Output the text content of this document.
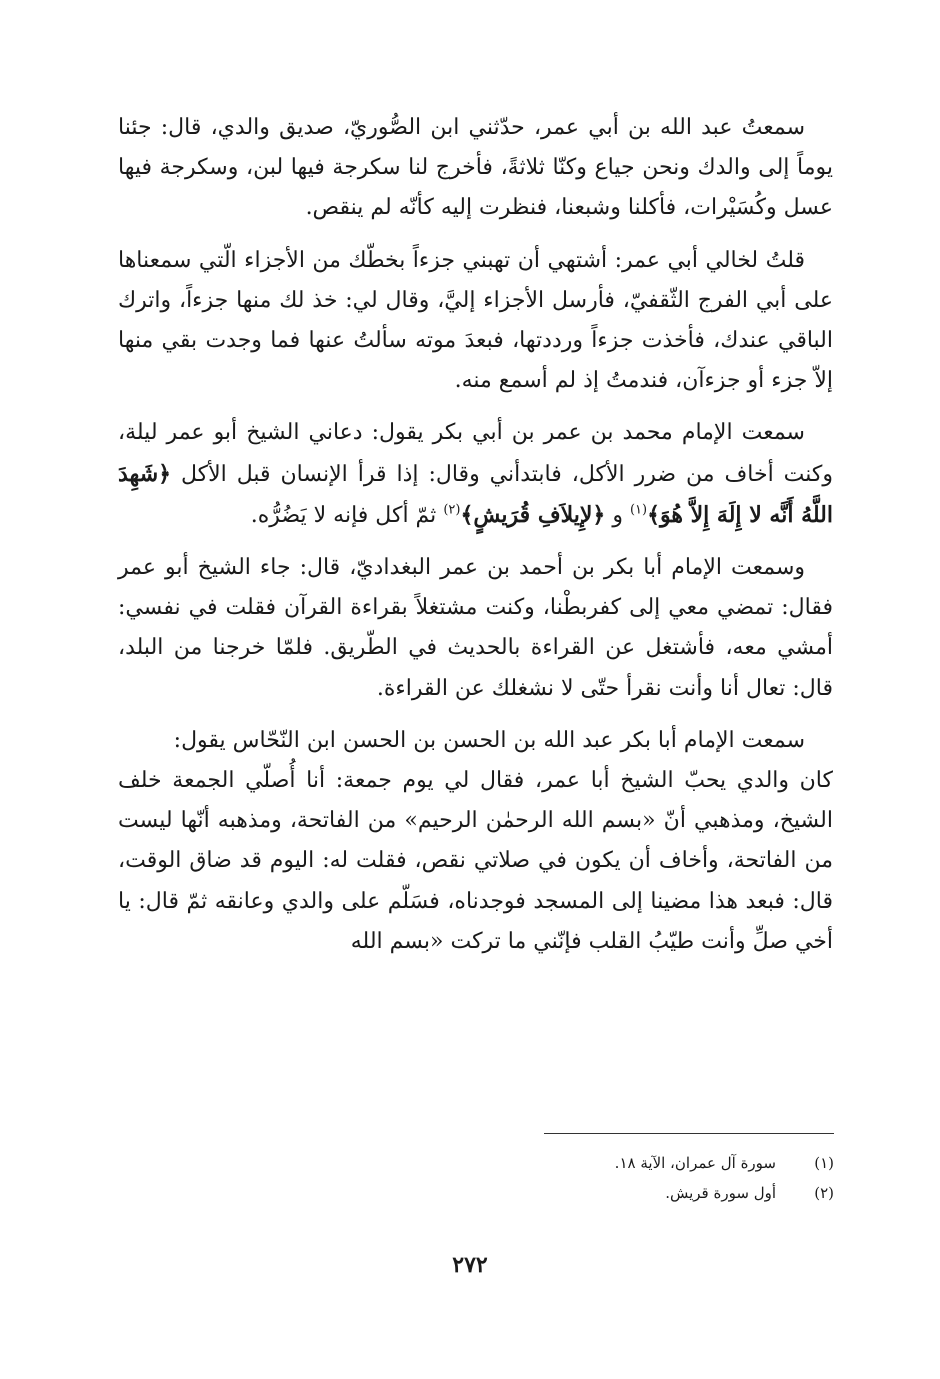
سمعتُ عبد الله بن أبي عمر، حدّثني ابن الصُّوريّ، صديق والدي، قال: جئنا يوماً إلى والدك ونحن جياع وكنّا ثلاثةً، فأخرج لنا سكرجة فيها لبن، وسكرجة فيها عسل وكُسَيْرات، فأكلنا وشبعنا، فنظرت إليه كأنّه لم ينقص.

قلتُ لخالي أبي عمر: أشتهي أن تهبني جزءاً بخطّك من الأجزاء الّتي سمعناها على أبي الفرج الثّقفيّ، فأرسل الأجزاء إليَّ، وقال لي: خذ لك منها جزءاً، واترك الباقي عندك، فأخذت جزءاً ورددتها، فبعدَ موته سألتُ عنها فما وجدت بقي منها إلاّ جزء أو جزءآن، فندمتُ إذ لم أسمع منه.

سمعت الإمام محمد بن عمر بن أبي بكر يقول: دعاني الشيخ أبو عمر ليلة، وكنت أخاف من ضرر الأكل، فابتدأني وقال: إذا قرأ الإنسان قبل الأكل ﴿شَهِدَ اللَّهُ أَنَّه لا إِلَهَ إِلاَّ هُوَ﴾$^{(١)}$ و ﴿لإِيلاَفِ قُرَيشٍ﴾$^{(٢)}$ ثمّ أكل فإنه لا يَضُرُّه.

وسمعت الإمام أبا بكر بن أحمد بن عمر البغداديّ، قال: جاء الشيخ أبو عمر فقال: تمضي معي إلى كفربطْنا، وكنت مشتغلاً بقراءة القرآن فقلت في نفسي: أمشي معه، فأشتغل عن القراءة بالحديث في الطّريق. فلمّا خرجنا من البلد، قال: تعال أنا وأنت نقرأ حتّى لا نشغلك عن القراءة.

سمعت الإمام أبا بكر عبد الله بن الحسن بن الحسن ابن النّحّاس يقول:
كان والدي يحبّ الشيخ أبا عمر، فقال لي يوم جمعة: أنا أُصلّي الجمعة خلف الشيخ، ومذهبي أنّ «بسم الله الرحمٰن الرحيم» من الفاتحة، ومذهبه أنّها ليست من الفاتحة، وأخاف أن يكون في صلاتي نقص، فقلت له: اليوم قد ضاق الوقت، قال: فبعد هذا مضينا إلى المسجد فوجدناه، فسَلّم على والدي وعانقه ثمّ قال: يا أخي صلِّ وأنت طيّبُ القلب فإنّني ما تركت «بسم الله

(١)
سورة آل عمران، الآية ١٨.
(٢)
أول سورة قريش.
٢٧٢
